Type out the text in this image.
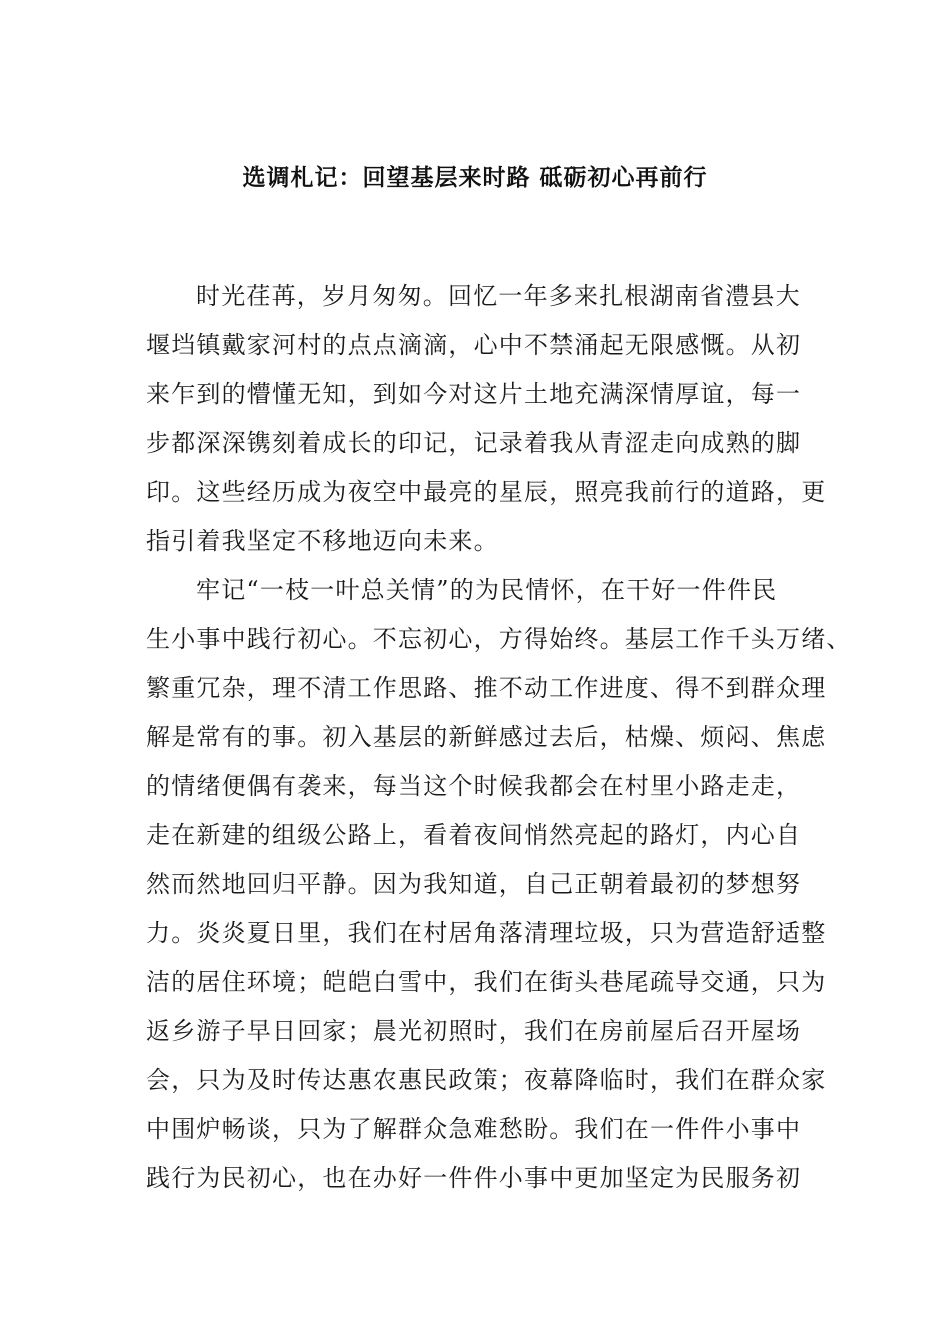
选调札记：回望基层来时路 砥砺初心再前行
时光荏苒，岁月匆匆。回忆一年多来扎根湖南省澧县大
堰垱镇戴家河村的点点滴滴，心中不禁涌起无限感慨。从初
来乍到的懵懂无知，到如今对这片土地充满深情厚谊，每一
步都深深镌刻着成长的印记，记录着我从青涩走向成熟的脚
印。这些经历成为夜空中最亮的星辰，照亮我前行的道路，更
指引着我坚定不移地迈向未来。
牢记“一枝一叶总关情”的为民情怀，在干好一件件民
生小事中践行初心。不忘初心，方得始终。基层工作千头万绪、
繁重冗杂，理不清工作思路、推不动工作进度、得不到群众理
解是常有的事。初入基层的新鲜感过去后，枯燥、烦闷、焦虑
的情绪便偶有袭来，每当这个时候我都会在村里小路走走，
走在新建的组级公路上，看着夜间悄然亮起的路灯，内心自
然而然地回归平静。因为我知道，自己正朝着最初的梦想努
力。炎炎夏日里，我们在村居角落清理垃圾，只为营造舒适整
洁的居住环境；皑皑白雪中，我们在街头巷尾疏导交通，只为
返乡游子早日回家；晨光初照时，我们在房前屋后召开屋场
会，只为及时传达惠农惠民政策；夜幕降临时，我们在群众家
中围炉畅谈，只为了解群众急难愁盼。我们在一件件小事中
践行为民初心，也在办好一件件小事中更加坚定为民服务初
